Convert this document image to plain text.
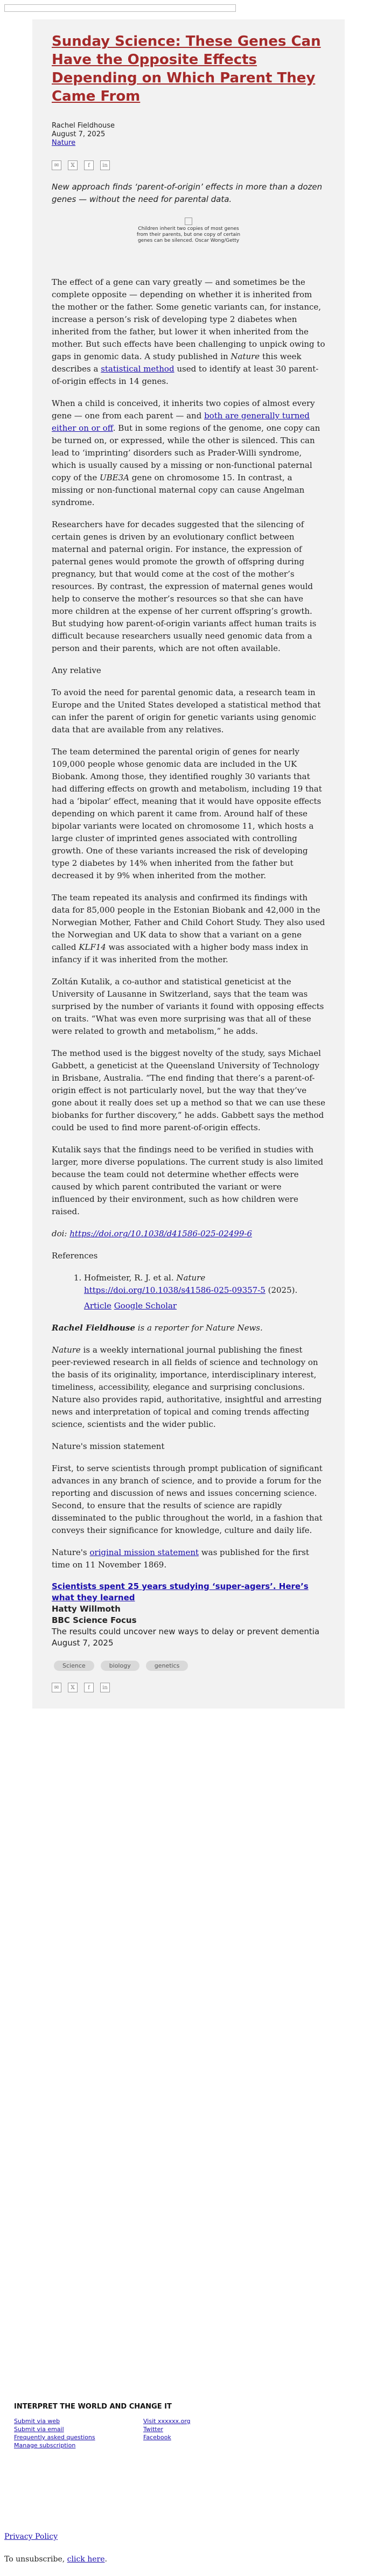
Sunday Science: These Genes Can Have the Opposite Effects Depending on Which Parent They Came From
Rachel Fieldhouse
August 7, 2025
Nature
✉	𝕏	f	in

New approach finds ‘parent-of-origin’ effects in more than a dozen genes — without the need for parental data.

Children inherit two copies of most genes from their parents, but one copy of certain genes can be silenced. Oscar Wong/Getty

The effect of a gene can vary greatly — and sometimes be the complete opposite — depending on whether it is inherited from the mother or the father. Some genetic variants can, for instance, increase a person’s risk of developing type 2 diabetes when inherited from the father, but lower it when inherited from the mother. But such effects have been challenging to unpick owing to gaps in genomic data. A study published in Nature this week describes a statistical method used to identify at least 30 parent-of-origin effects in 14 genes.

When a child is conceived, it inherits two copies of almost every gene — one from each parent — and both are generally turned either on or off. But in some regions of the genome, one copy can be turned on, or expressed, while the other is silenced. This can lead to ‘imprinting’ disorders such as Prader-Willi syndrome, which is usually caused by a missing or non-functional paternal copy of the UBE3A gene on chromosome 15. In contrast, a missing or non-functional maternal copy can cause Angelman syndrome.

Researchers have for decades suggested that the silencing of certain genes is driven by an evolutionary conflict between maternal and paternal origin. For instance, the expression of paternal genes would promote the growth of offspring during pregnancy, but that would come at the cost of the mother’s resources. By contrast, the expression of maternal genes would help to conserve the mother’s resources so that she can have more children at the expense of her current offspring’s growth. But studying how parent-of-origin variants affect human traits is difficult because researchers usually need genomic data from a person and their parents, which are not often available.

Any relative

To avoid the need for parental genomic data, a research team in Europe and the United States developed a statistical method that can infer the parent of origin for genetic variants using genomic data that are available from any relatives.

The team determined the parental origin of genes for nearly 109,000 people whose genomic data are included in the UK Biobank. Among those, they identified roughly 30 variants that had differing effects on growth and metabolism, including 19 that had a ‘bipolar’ effect, meaning that it would have opposite effects depending on which parent it came from. Around half of these bipolar variants were located on chromosome 11, which hosts a large cluster of imprinted genes associated with controlling growth. One of these variants increased the risk of developing type 2 diabetes by 14% when inherited from the father but decreased it by 9% when inherited from the mother.

The team repeated its analysis and confirmed its findings with data for 85,000 people in the Estonian Biobank and 42,000 in the Norwegian Mother, Father and Child Cohort Study. They also used the Norwegian and UK data to show that a variant on a gene called KLF14 was associated with a higher body mass index in infancy if it was inherited from the mother.

Zoltán Kutalik, a co-author and statistical geneticist at the University of Lausanne in Switzerland, says that the team was surprised by the number of variants it found with opposing effects on traits. “What was even more surprising was that all of these were related to growth and metabolism,” he adds.

The method used is the biggest novelty of the study, says Michael Gabbett, a geneticist at the Queensland University of Technology in Brisbane, Australia. “The end finding that there’s a parent-of-origin effect is not particularly novel, but the way that they’ve gone about it really does set up a method so that we can use these biobanks for further discovery,” he adds. Gabbett says the method could be used to find more parent-of-origin effects.

Kutalik says that the findings need to be verified in studies with larger, more diverse populations. The current study is also limited because the team could not determine whether effects were caused by which parent contributed the variant or were influenced by their environment, such as how children were raised.

doi: https://doi.org/10.1038/d41586-025-02499-6
References
1. Hofmeister, R. J. et al. Nature https://doi.org/10.1038/s41586-025-09357-5 (2025).
Article Google Scholar

Rachel Fieldhouse is a reporter for Nature News.

Nature is a weekly international journal publishing the finest peer-reviewed research in all fields of science and technology on the basis of its originality, importance, interdisciplinary interest, timeliness, accessibility, elegance and surprising conclusions. Nature also provides rapid, authoritative, insightful and arresting news and interpretation of topical and coming trends affecting science, scientists and the wider public.

Nature's mission statement

First, to serve scientists through prompt publication of significant advances in any branch of science, and to provide a forum for the reporting and discussion of news and issues concerning science. Second, to ensure that the results of science are rapidly disseminated to the public throughout the world, in a fashion that conveys their significance for knowledge, culture and daily life.

Nature's original mission statement was published for the first time on 11 November 1869.

Scientists spent 25 years studying ‘super-agers’. Here’s what they learned

Hatty Willmoth

BBC Science Focus

The results could uncover new ways to delay or prevent dementia

August 7, 2025

Science	biology	genetics
✉	𝕏	f	in
INTERPRET THE WORLD AND CHANGE IT
Submit via web	Visit xxxxxx.org
Submit via email	Twitter
Frequently asked questions	Facebook
Manage subscription
Privacy Policy
To unsubscribe, click here.
